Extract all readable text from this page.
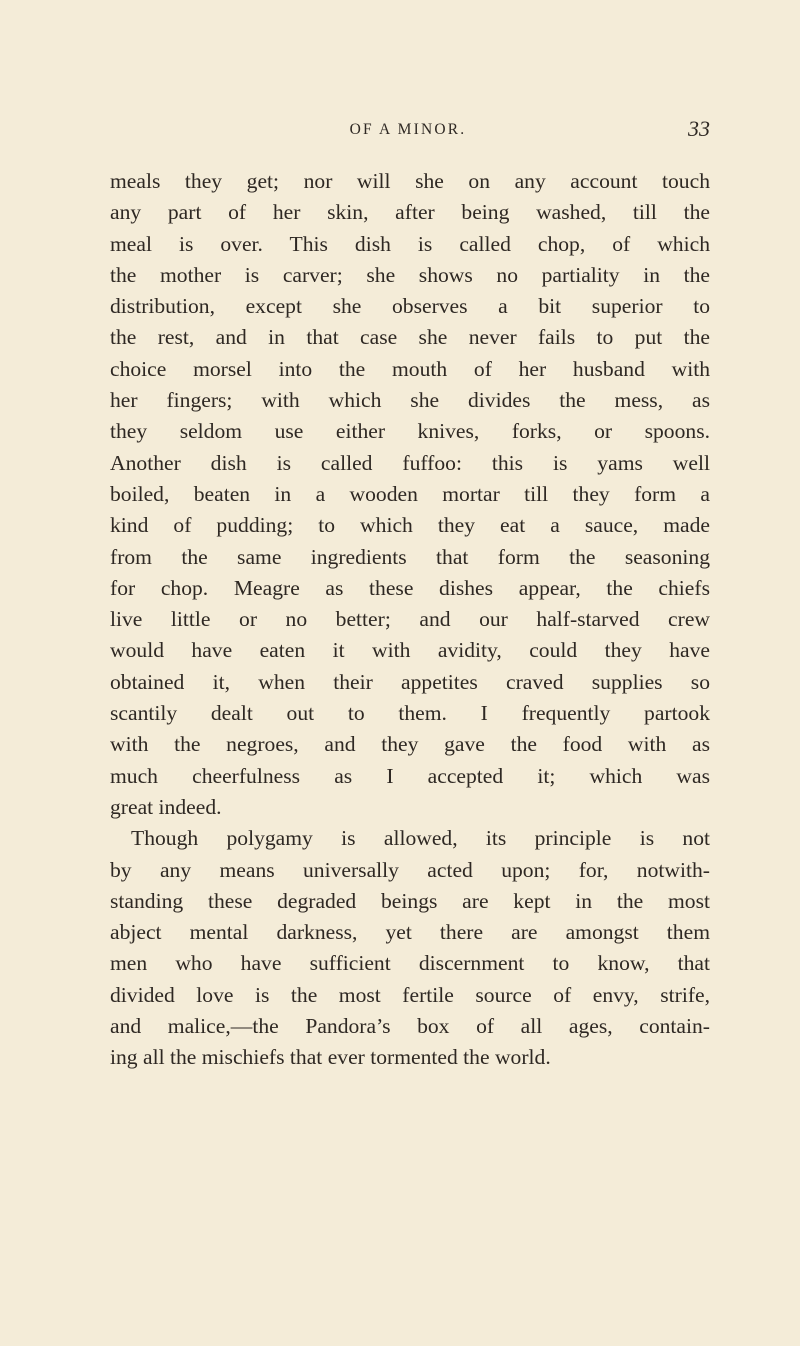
OF A MINOR.	33
meals they get; nor will she on any account touch
any part of her skin, after being washed, till the
meal is over. This dish is called chop, of which
the mother is carver; she shows no partiality in the
distribution, except she observes a bit superior to
the rest, and in that case she never fails to put the
choice morsel into the mouth of her husband with
her fingers; with which she divides the mess, as
they seldom use either knives, forks, or spoons.
Another dish is called fuffoo: this is yams well
boiled, beaten in a wooden mortar till they form a
kind of pudding; to which they eat a sauce, made
from the same ingredients that form the seasoning
for chop. Meagre as these dishes appear, the chiefs
live little or no better; and our half-starved crew
would have eaten it with avidity, could they have
obtained it, when their appetites craved supplies so
scantily dealt out to them. I frequently partook
with the negroes, and they gave the food with as
much cheerfulness as I accepted it; which was
great indeed.
Though polygamy is allowed, its principle is not
by any means universally acted upon; for, notwith-
standing these degraded beings are kept in the most
abject mental darkness, yet there are amongst them
men who have sufficient discernment to know, that
divided love is the most fertile source of envy, strife,
and malice,—the Pandora’s box of all ages, contain-
ing all the mischiefs that ever tormented the world.
